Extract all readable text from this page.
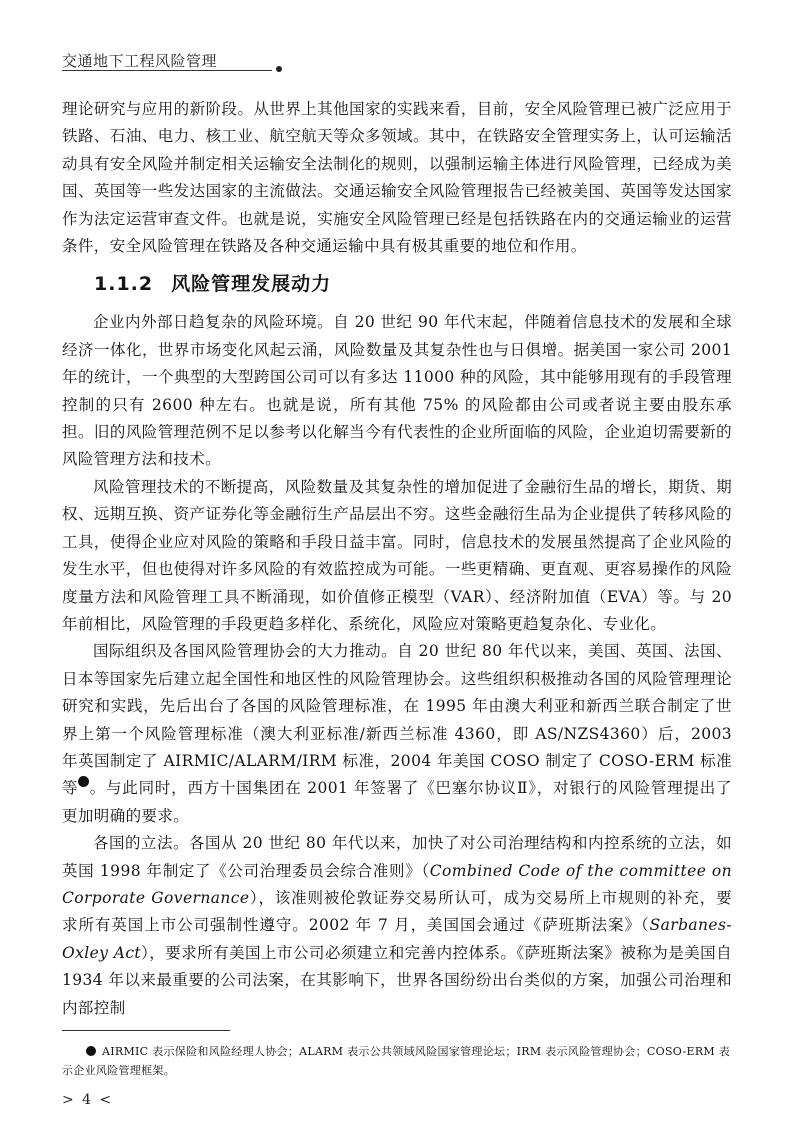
交通地下工程风险管理

理论研究与应用的新阶段。从世界上其他国家的实践来看，目前，安全风险管理已被广泛应用于铁路、石油、电力、核工业、航空航天等众多领域。其中，在铁路安全管理实务上，认可运输活动具有安全风险并制定相关运输安全法制化的规则，以强制运输主体进行风险管理，已经成为美国、英国等一些发达国家的主流做法。交通运输安全风险管理报告已经被美国、英国等发达国家作为法定运营审查文件。也就是说，实施安全风险管理已经是包括铁路在内的交通运输业的运营条件，安全风险管理在铁路及各种交通运输中具有极其重要的地位和作用。

1.1.2 风险管理发展动力

企业内外部日趋复杂的风险环境。自 20 世纪 90 年代末起，伴随着信息技术的发展和全球经济一体化，世界市场变化风起云涌，风险数量及其复杂性也与日俱增。据美国一家公司 2001 年的统计，一个典型的大型跨国公司可以有多达 11000 种的风险，其中能够用现有的手段管理控制的只有 2600 种左右。也就是说，所有其他 75% 的风险都由公司或者说主要由股东承担。旧的风险管理范例不足以参考以化解当今有代表性的企业所面临的风险，企业迫切需要新的风险管理方法和技术。

风险管理技术的不断提高，风险数量及其复杂性的增加促进了金融衍生品的增长，期货、期权、远期互换、资产证券化等金融衍生产品层出不穷。这些金融衍生品为企业提供了转移风险的工具，使得企业应对风险的策略和手段日益丰富。同时，信息技术的发展虽然提高了企业风险的发生水平，但也使得对许多风险的有效监控成为可能。一些更精确、更直观、更容易操作的风险度量方法和风险管理工具不断涌现，如价值修正模型（VAR）、经济附加值（EVA）等。与 20 年前相比，风险管理的手段更趋多样化、系统化，风险应对策略更趋复杂化、专业化。

国际组织及各国风险管理协会的大力推动。自 20 世纪 80 年代以来，美国、英国、法国、日本等国家先后建立起全国性和地区性的风险管理协会。这些组织积极推动各国的风险管理理论研究和实践，先后出台了各国的风险管理标准，在 1995 年由澳大利亚和新西兰联合制定了世界上第一个风险管理标准（澳大利亚标准/新西兰标准 4360，即 AS/NZS4360）后，2003 年英国制定了 AIRMIC/ALARM/IRM 标准，2004 年美国 COSO 制定了 COSO-ERM 标准等 。与此同时，西方十国集团在 2001 年签署了《巴塞尔协议Ⅱ》，对银行的风险管理提出了更加明确的要求。

各国的立法。各国从 20 世纪 80 年代以来，加快了对公司治理结构和内控系统的立法，如英国 1998 年制定了《公司治理委员会综合准则》（Combined Code of the committee on Corporate Governance），该准则被伦敦证券交易所认可，成为交易所上市规则的补充，要求所有英国上市公司强制性遵守。2002 年 7 月，美国国会通过《萨班斯法案》（Sarbanes-Oxley Act），要求所有美国上市公司必须建立和完善内控体系。《萨班斯法案》被称为是美国自 1934 年以来最重要的公司法案，在其影响下，世界各国纷纷出台类似的方案，加强公司治理和内部控制

AIRMIC 表示保险和风险经理人协会；ALARM 表示公共领域风险国家管理论坛；IRM 表示风险管理协会；COSO-ERM 表示企业风险管理框架。
> 4 <
